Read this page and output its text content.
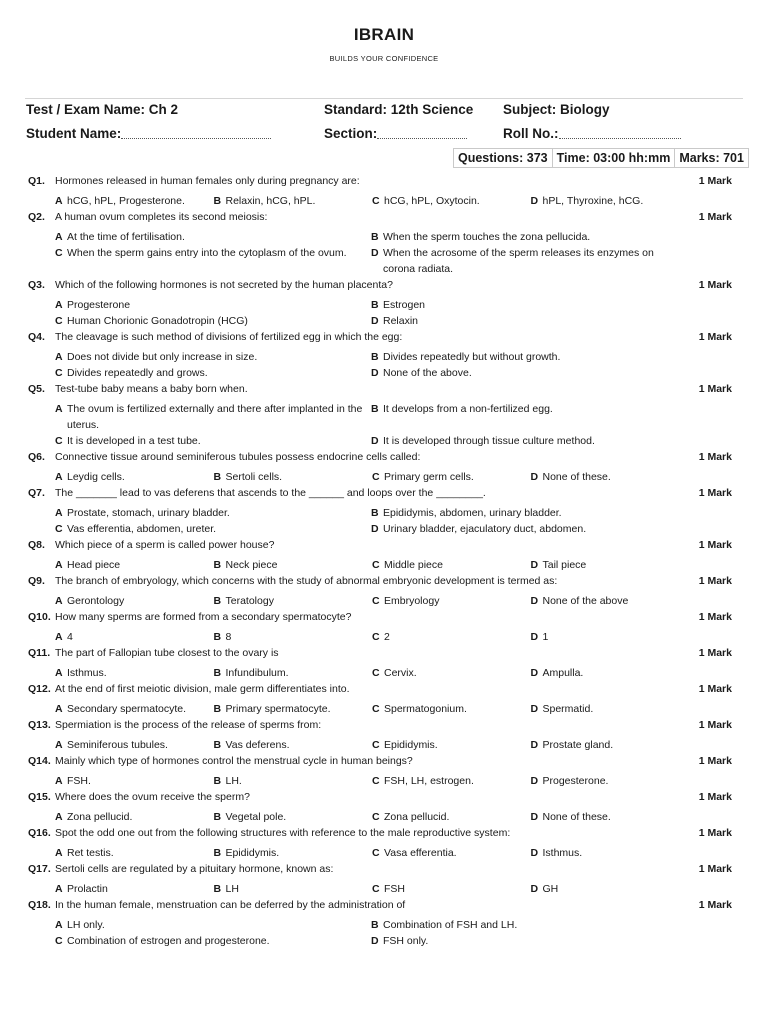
IBRAIN
BUILDS YOUR CONFIDENCE
Test / Exam Name: Ch 2	Standard: 12th Science Subject: Biology
Student Name:	Section:	Roll No.:
Questions: 373 Time: 03:00 hh:mm Marks: 701
Q1. Hormones released in human females only during pregnancy are:	1 Mark
A hCG, hPL, Progesterone.	B Relaxin, hCG, hPL.	C hCG, hPL, Oxytocin.	D hPL, Thyroxine, hCG.
Q2. A human ovum completes its second meiosis:	1 Mark
A At the time of fertilisation.	B When the sperm touches the zona pellucida.
C When the sperm gains entry into the cytoplasm of the ovum.	D When the acrosome of the sperm releases its enzymes on corona radiata.
Q3. Which of the following hormones is not secreted by the human placenta?	1 Mark
A Progesterone	B Estrogen
C Human Chorionic Gonadotropin (HCG)	D Relaxin
Q4. The cleavage is such method of divisions of fertilized egg in which the egg:	1 Mark
A Does not divide but only increase in size.	B Divides repeatedly but without growth.
C Divides repeatedly and grows.	D None of the above.
Q5. Test-tube baby means a baby born when.	1 Mark
A The ovum is fertilized externally and there after implanted in the uterus.
B It develops from a non-fertilized egg.
C It is developed in a test tube.	D It is developed through tissue culture method.
Q6. Connective tissue around seminiferous tubules possess endocrine cells called:	1 Mark
A Leydig cells.	B Sertoli cells.	C Primary germ cells.	D None of these.
Q7. The _______ lead to vas deferens that ascends to the ______ and loops over the ________.	1 Mark
A Prostate, stomach, urinary bladder.	B Epididymis, abdomen, urinary bladder.
C Vas efferentia, abdomen, ureter.	D Urinary bladder, ejaculatory duct, abdomen.
Q8. Which piece of a sperm is called power house?	1 Mark
A Head piece	B Neck piece	C Middle piece	D Tail piece
Q9. The branch of embryology, which concerns with the study of abnormal embryonic development is termed as:	1 Mark
A Gerontology	B Teratology	C Embryology	D None of the above
Q10. How many sperms are formed from a secondary spermatocyte?	1 Mark
A 4	B 8	C 2	D 1
Q11. The part of Fallopian tube closest to the ovary is	1 Mark
A Isthmus.	B Infundibulum.	C Cervix.	D Ampulla.
Q12. At the end of first meiotic division, male germ differentiates into.	1 Mark
A Secondary spermatocyte.	B Primary spermatocyte.	C Spermatogonium.	D Spermatid.
Q13. Spermiation is the process of the release of sperms from:	1 Mark
A Seminiferous tubules.	B Vas deferens.	C Epididymis.	D Prostate gland.
Q14. Mainly which type of hormones control the menstrual cycle in human beings?	1 Mark
A FSH.	B LH.	C FSH, LH, estrogen.	D Progesterone.
Q15. Where does the ovum receive the sperm?	1 Mark
A Zona pellucid.	B Vegetal pole.	C Zona pellucid.	D None of these.
Q16. Spot the odd one out from the following structures with reference to the male reproductive system:	1 Mark
A Ret testis.	B Epididymis.	C Vasa efferentia.	D Isthmus.
Q17. Sertoli cells are regulated by a pituitary hormone, known as:	1 Mark
A Prolactin	B LH	C FSH	D GH
Q18. In the human female, menstruation can be deferred by the administration of	1 Mark
A LH only.	B Combination of FSH and LH.
C Combination of estrogen and progesterone.	D FSH only.
